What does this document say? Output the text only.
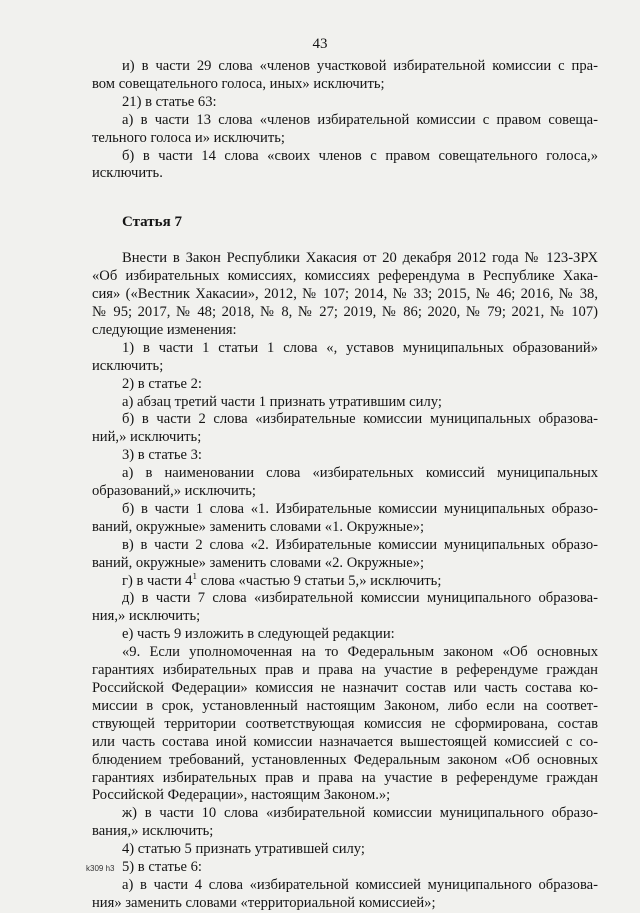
43
и) в части 29 слова «членов участковой избирательной комиссии с пра-
вом совещательного голоса, иных» исключить;
21) в статье 63:
а) в части 13 слова «членов избирательной комиссии с правом совеща-
тельного голоса и» исключить;
б) в части 14 слова «своих членов с правом совещательного голоса,»
исключить.
Статья 7
Внести в Закон Республики Хакасия от 20 декабря 2012 года № 123-ЗРХ
«Об избирательных комиссиях, комиссиях референдума в Республике Хака-
сия» («Вестник Хакасии», 2012, № 107; 2014, № 33; 2015, № 46; 2016, № 38,
№ 95; 2017, № 48; 2018, № 8, № 27; 2019, № 86; 2020, № 79; 2021, № 107)
следующие изменения:
1) в части 1 статьи 1 слова «, уставов муниципальных образований»
исключить;
2) в статье 2:
а) абзац третий части 1 признать утратившим силу;
б) в части 2 слова «избирательные комиссии муниципальных образова-
ний,» исключить;
3) в статье 3:
а) в наименовании слова «избирательных комиссий муниципальных
образований,» исключить;
б) в части 1 слова «1. Избирательные комиссии муниципальных образо-
ваний, окружные» заменить словами «1. Окружные»;
в) в части 2 слова «2. Избирательные комиссии муниципальных образо-
ваний, окружные» заменить словами «2. Окружные»;
г) в части $4^1$ слова «частью 9 статьи 5,» исключить;
д) в части 7 слова «избирательной комиссии муниципального образова-
ния,» исключить;
е) часть 9 изложить в следующей редакции:
«9. Если уполномоченная на то Федеральным законом «Об основных
гарантиях избирательных прав и права на участие в референдуме граждан
Российской Федерации» комиссия не назначит состав или часть состава ко-
миссии в срок, установленный настоящим Законом, либо если на соответ-
ствующей территории соответствующая комиссия не сформирована, состав
или часть состава иной комиссии назначается вышестоящей комиссией с со-
блюдением требований, установленных Федеральным законом «Об основных
гарантиях избирательных прав и права на участие в референдуме граждан
Российской Федерации», настоящим Законом.»;
ж) в части 10 слова «избирательной комиссии муниципального образо-
вания,» исключить;
4) статью 5 признать утратившей силу;
5) в статье 6:
а) в части 4 слова «избирательной комиссией муниципального образова-
ния» заменить словами «территориальной комиссией»;
k309 h3
